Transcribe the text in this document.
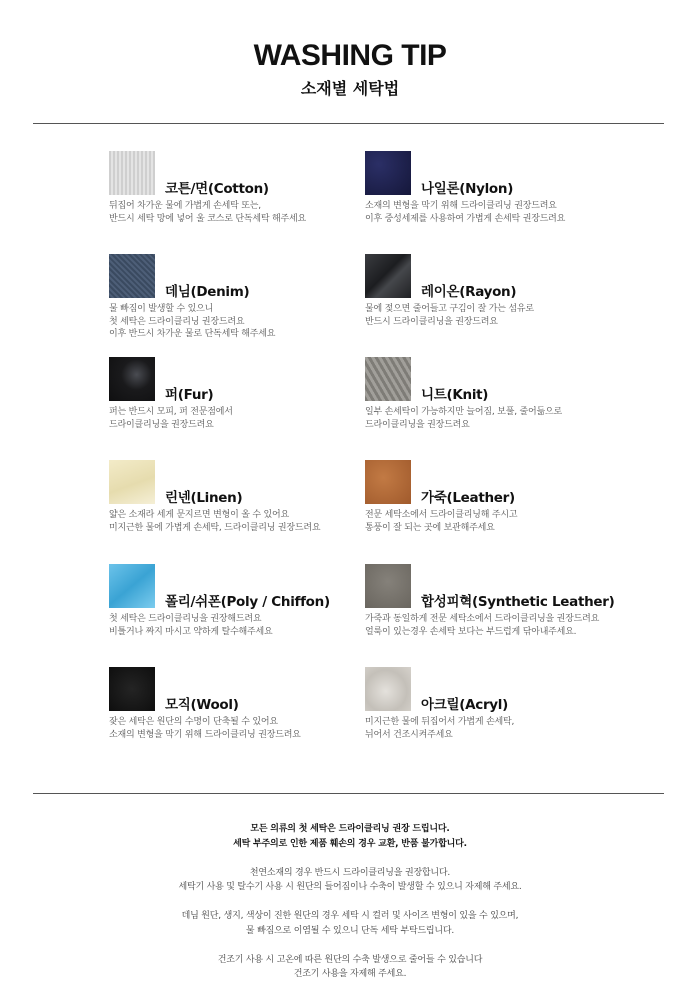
WASHING TIP
소재별 세탁법
코튼/면(Cotton)
뒤집어 차가운 물에 가볍게 손세탁 또는,
반드시 세탁 망에 넣어 울 코스로 단독세탁 해주세요
나일론(Nylon)
소재의 변형을 막기 위해 드라이클리닝 권장드려요
이후 중성세제를 사용하여 가볍게 손세탁 권장드려요
데님(Denim)
물 빠짐이 발생할 수 있으니
첫 세탁은 드라이클리닝 권장드려요
이후 반드시 차가운 물로 단독세탁 해주세요
레이온(Rayon)
물에 젖으면 줄어들고 구김이 잘 가는 섬유로
반드시 드라이클리닝을 권장드려요
퍼(Fur)
퍼는 반드시 모피, 퍼 전문점에서
드라이클리닝을 권장드려요
니트(Knit)
일부 손세탁이 가능하지만 늘어짐, 보풀, 줄어듦으로
드라이클리닝을 권장드려요
린넨(Linen)
얇은 소재라 세게 문지르면 변형이 올 수 있어요
미지근한 물에 가볍게 손세탁, 드라이클리닝 권장드려요
가죽(Leather)
전문 세탁소에서 드라이클리닝해 주시고
통풍이 잘 되는 곳에 보관해주세요
폴리/쉬폰(Poly / Chiffon)
첫 세탁은 드라이클리닝을 권장해드려요
비틀거나 짜지 마시고 약하게 탈수해주세요
합성피혁(Synthetic Leather)
가죽과 동일하게 전문 세탁소에서 드라이클리닝을 권장드려요
얼룩이 있는경우 손세탁 보다는 부드럽게 닦아내주세요.
모직(Wool)
잦은 세탁은 원단의 수명이 단축될 수 있어요
소재의 변형을 막기 위해 드라이클리닝 권장드려요
아크릴(Acryl)
미지근한 물에 뒤집어서 가볍게 손세탁,
뉘어서 건조시켜주세요
모든 의류의 첫 세탁은 드라이클리닝 권장 드립니다.
세탁 부주의로 인한 제품 훼손의 경우 교환, 반품 불가합니다.
천연소재의 경우 반드시 드라이클리닝을 권장합니다.
세탁기 사용 및 탈수기 사용 시 원단의 들어짐이나 수축이 발생할 수 있으니 자제해 주세요.
데님 원단, 생지, 색상이 진한 원단의 경우 세탁 시 컬러 및 사이즈 변형이 있을 수 있으며,
물 빠짐으로 이염될 수 있으니 단독 세탁 부탁드립니다.
건조기 사용 시 고온에 따른 원단의 수축 발생으로 줄어들 수 있습니다
건조기 사용을 자제해 주세요.
